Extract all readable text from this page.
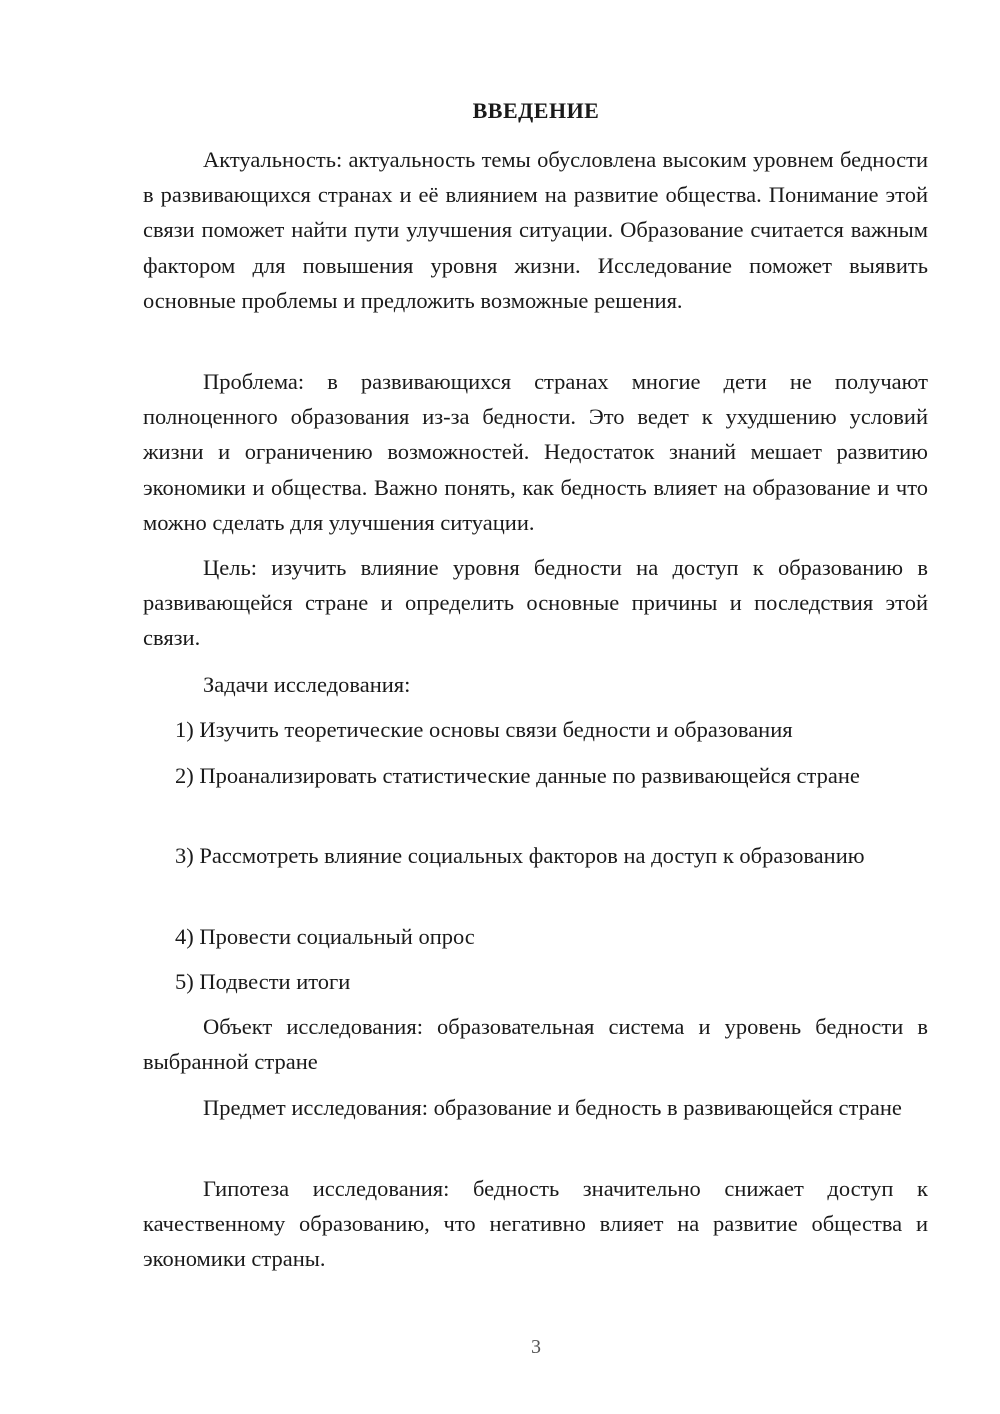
ВВЕДЕНИЕ

Актуальность: актуальность темы обусловлена высоким уровнем бедности в развивающихся странах и её влиянием на развитие общества. Понимание этой связи поможет найти пути улучшения ситуации. Образование считается важным фактором для повышения уровня жизни. Исследование поможет выявить основные проблемы и предложить возможные решения.

Проблема: в развивающихся странах многие дети не получают полноценного образования из-за бедности. Это ведет к ухудшению условий жизни и ограничению возможностей. Недостаток знаний мешает развитию экономики и общества. Важно понять, как бедность влияет на образование и что можно сделать для улучшения ситуации.

Цель: изучить влияние уровня бедности на доступ к образованию в развивающейся стране и определить основные причины и последствия этой связи.

Задачи исследования:

1) Изучить теоретические основы связи бедности и образования

2) Проанализировать статистические данные по развивающейся стране

3) Рассмотреть влияние социальных факторов на доступ к образованию

4) Провести социальный опрос

5) Подвести итоги

Объект исследования: образовательная система и уровень бедности в выбранной стране

Предмет исследования: образование и бедность в развивающейся стране

Гипотеза исследования: бедность значительно снижает доступ к качественному образованию, что негативно влияет на развитие общества и экономики страны.

3
